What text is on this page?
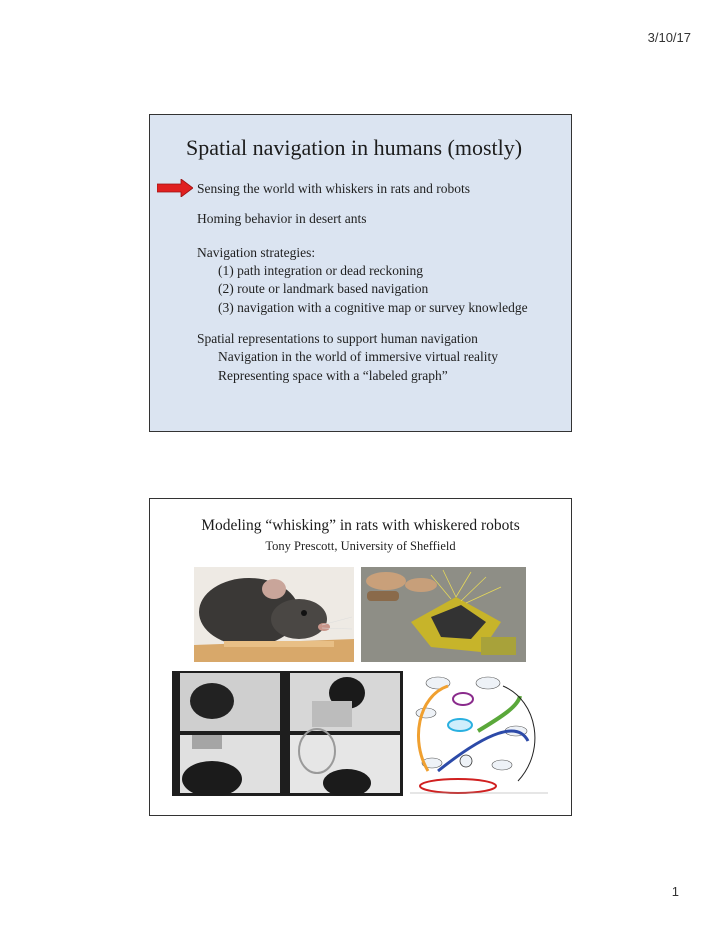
3/10/17
Spatial navigation in humans (mostly)

Sensing the world with whiskers in rats and robots

Homing behavior in desert ants

Navigation strategies:

(1) path integration or dead reckoning

(2) route or landmark based navigation

(3) navigation with a cognitive map or survey knowledge

Spatial representations to support human navigation

Navigation in the world of immersive virtual reality

Representing space with a “labeled graph”

Modeling “whisking” in rats with whiskered robots

Tony Prescott, University of Sheffield

1
